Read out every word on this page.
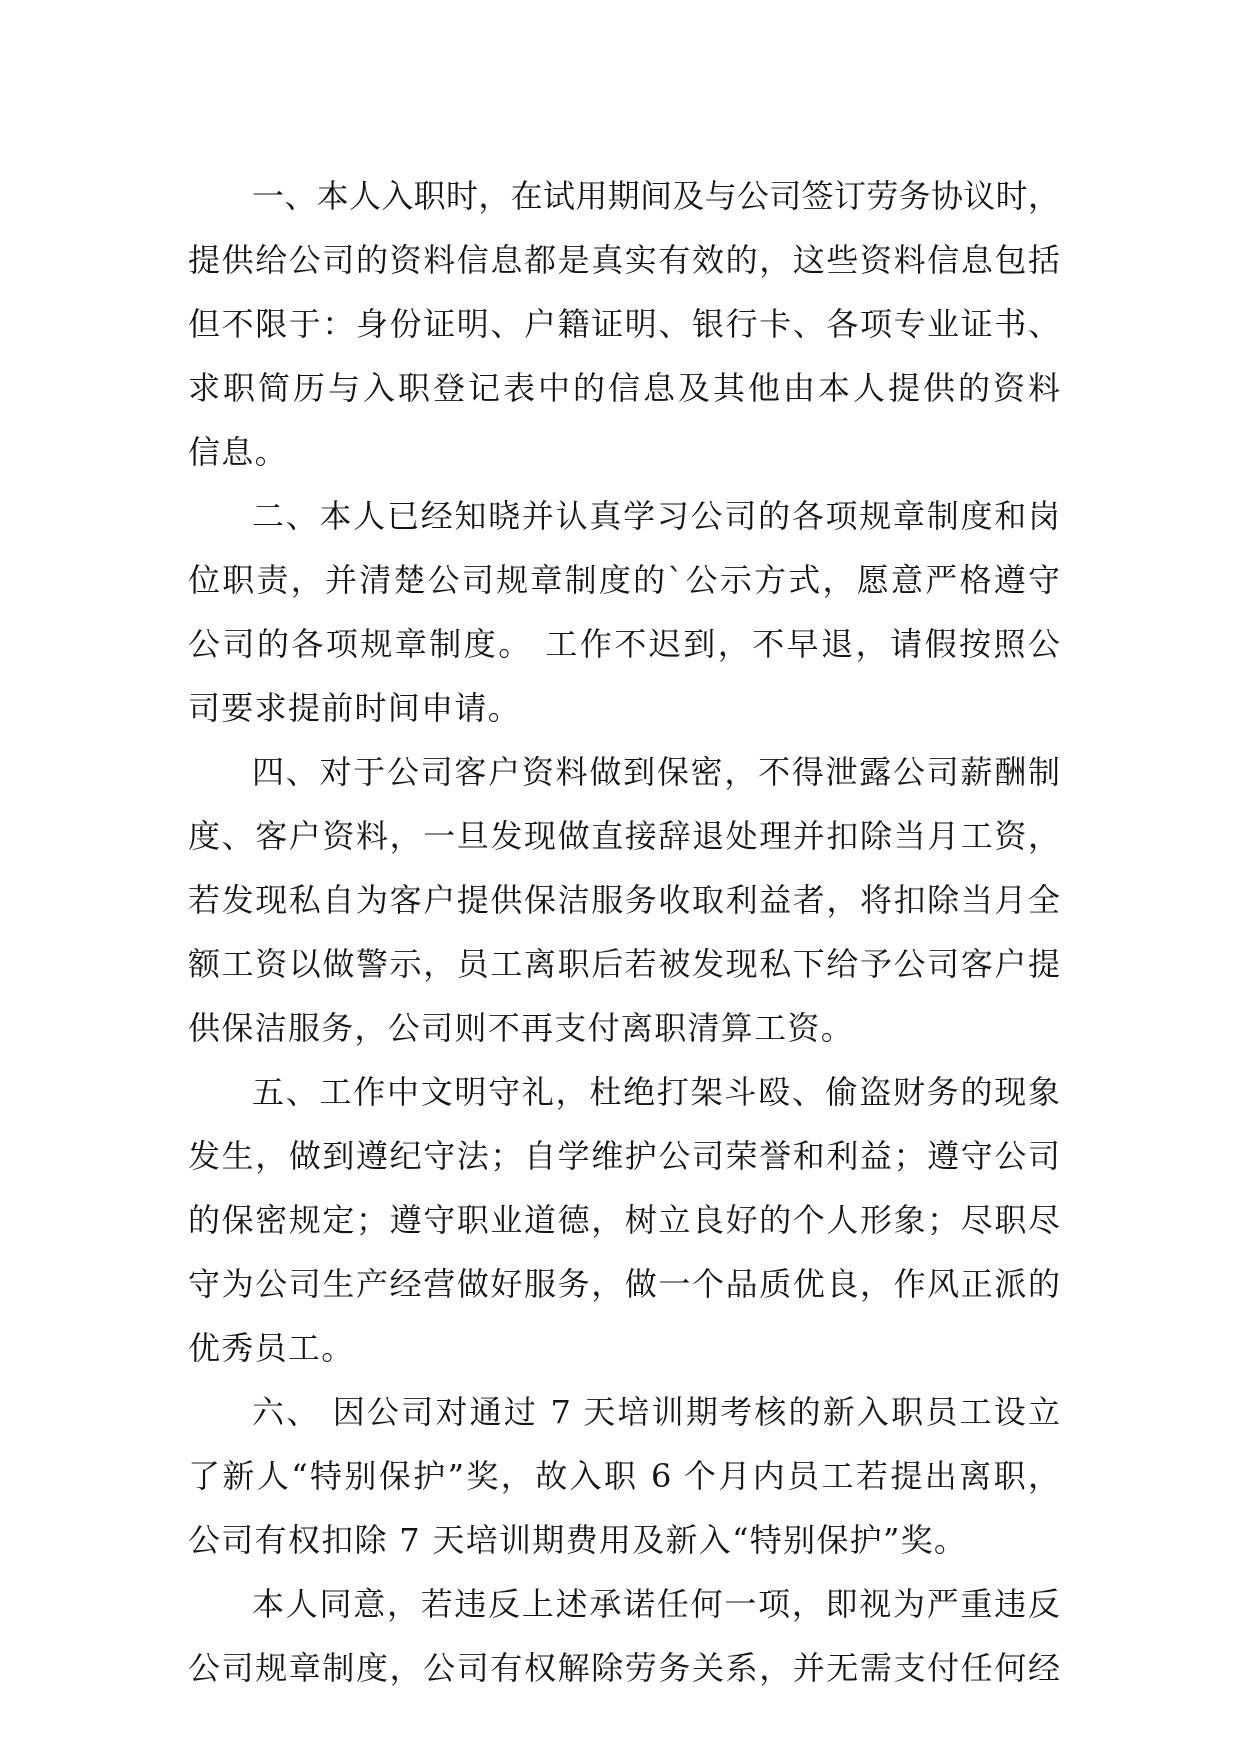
一、本人入职时，在试用期间及与公司签订劳务协议时，
提供给公司的资料信息都是真实有效的，这些资料信息包括
但不限于：身份证明、户籍证明、银行卡、各项专业证书、
求职简历与入职登记表中的信息及其他由本人提供的资料
信息。
二、本人已经知晓并认真学习公司的各项规章制度和岗
位职责，并清楚公司规章制度的`公示方式，愿意严格遵守
公司的各项规章制度。 工作不迟到，不早退，请假按照公
司要求提前时间申请。
四、对于公司客户资料做到保密，不得泄露公司薪酬制
度、客户资料，一旦发现做直接辞退处理并扣除当月工资，
若发现私自为客户提供保洁服务收取利益者，将扣除当月全
额工资以做警示，员工离职后若被发现私下给予公司客户提
供保洁服务，公司则不再支付离职清算工资。
五、工作中文明守礼，杜绝打架斗殴、偷盗财务的现象
发生，做到遵纪守法；自学维护公司荣誉和利益；遵守公司
的保密规定；遵守职业道德，树立良好的个人形象；尽职尽
守为公司生产经营做好服务，做一个品质优良，作风正派的
优秀员工。
六、 因公司对通过 7 天培训期考核的新入职员工设立
了新人“特别保护”奖，故入职 6 个月内员工若提出离职，
公司有权扣除 7 天培训期费用及新入“特别保护”奖。
本人同意，若违反上述承诺任何一项，即视为严重违反
公司规章制度，公司有权解除劳务关系，并无需支付任何经
